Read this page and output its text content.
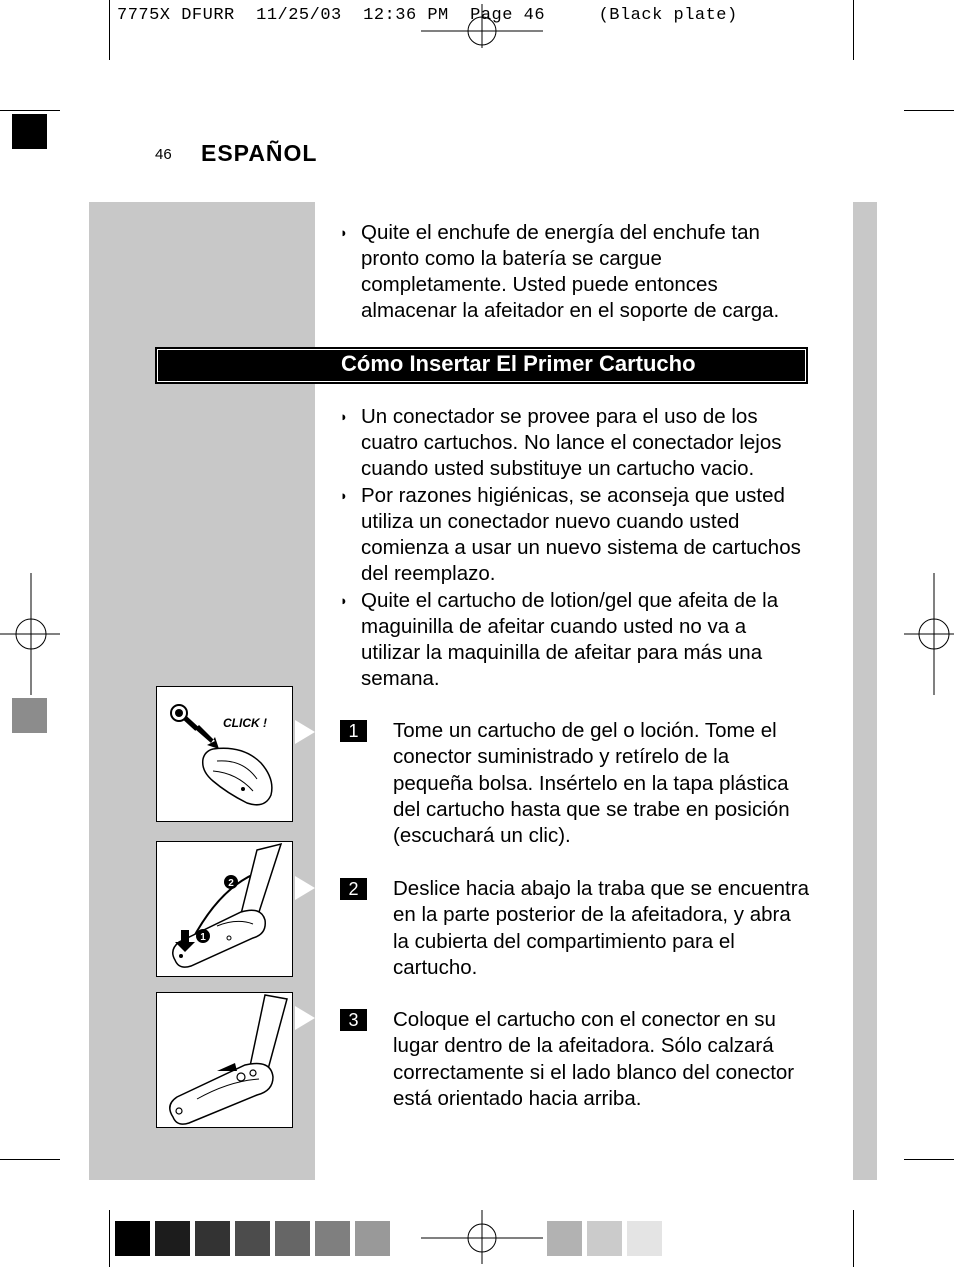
7775X DFURR  11/25/03  12:36 PM  Page 46     (Black plate)
46 ESPAÑOL
◗ Quite el enchufe de energía del enchufe tan pronto como la batería se cargue completamente. Usted puede entonces almacenar la afeitador en el soporte de carga.
Cómo Insertar El Primer Cartucho
◗ Un conectador se provee para el uso de los cuatro cartuchos. No lance el conectador lejos cuando usted substituye un cartucho vacio.
◗ Por razones higiénicas, se aconseja que usted utiliza un conectador nuevo cuando usted comienza a usar un nuevo sistema de cartuchos del reemplazo.
◗ Quite el cartucho de lotion/gel que afeita de la maguinilla de afeitar cuando usted no va a utilizar la maquinilla de afeitar para más una semana.
1	Tome un cartucho de gel o loción. Tome el conector suministrado y retírelo de la pequeña bolsa. Insértelo en la tapa plástica del cartucho hasta que se trabe en posición (escuchará un clic).
2	Deslice hacia abajo la traba que se encuentra en la parte posterior de la afeitadora, y abra la cubierta del compartimiento para el cartucho.
3	Coloque el cartucho con el conector en su lugar dentro de la afeitadora. Sólo calzará correctamente si el lado blanco del conector está orientado hacia arriba.
CLICK !
2
1
